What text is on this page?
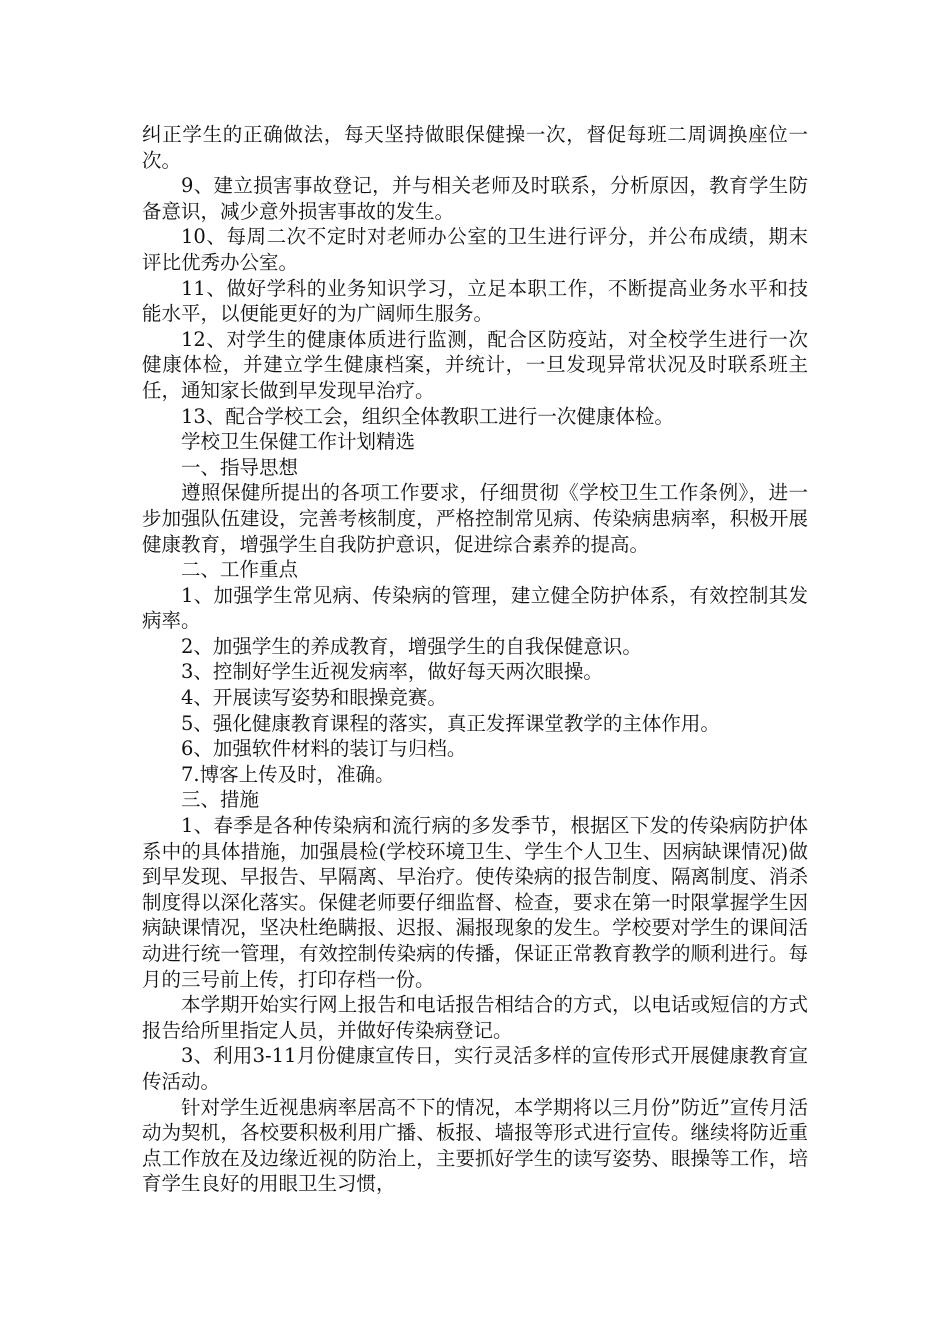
纠正学生的正确做法，每天坚持做眼保健操一次，督促每班二周调换座位一次。

9、建立损害事故登记，并与相关老师及时联系，分析原因，教育学生防备意识，减少意外损害事故的发生。

10、每周二次不定时对老师办公室的卫生进行评分，并公布成绩，期末评比优秀办公室。

11、做好学科的业务知识学习，立足本职工作，不断提高业务水平和技能水平，以便能更好的为广阔师生服务。

12、对学生的健康体质进行监测，配合区防疫站，对全校学生进行一次健康体检，并建立学生健康档案，并统计，一旦发现异常状况及时联系班主任，通知家长做到早发现早治疗。

13、配合学校工会，组织全体教职工进行一次健康体检。

学校卫生保健工作计划精选

一、指导思想

遵照保健所提出的各项工作要求，仔细贯彻《学校卫生工作条例》，进一步加强队伍建设，完善考核制度，严格控制常见病、传染病患病率，积极开展健康教育，增强学生自我防护意识，促进综合素养的提高。

二、工作重点

1、加强学生常见病、传染病的管理，建立健全防护体系，有效控制其发病率。

2、加强学生的养成教育，增强学生的自我保健意识。

3、控制好学生近视发病率，做好每天两次眼操。

4、开展读写姿势和眼操竞赛。

5、强化健康教育课程的落实，真正发挥课堂教学的主体作用。

6、加强软件材料的装订与归档。

7.博客上传及时，准确。

三、措施

1、春季是各种传染病和流行病的多发季节，根据区下发的传染病防护体系中的具体措施，加强晨检(学校环境卫生、学生个人卫生、因病缺课情况)做到早发现、早报告、早隔离、早治疗。使传染病的报告制度、隔离制度、消杀制度得以深化落实。保健老师要仔细监督、检查，要求在第一时限掌握学生因病缺课情况，坚决杜绝瞒报、迟报、漏报现象的发生。学校要对学生的课间活动进行统一管理，有效控制传染病的传播，保证正常教育教学的顺利进行。每月的三号前上传，打印存档一份。

本学期开始实行网上报告和电话报告相结合的方式，以电话或短信的方式报告给所里指定人员，并做好传染病登记。

3、利用3-11月份健康宣传日，实行灵活多样的宣传形式开展健康教育宣传活动。

针对学生近视患病率居高不下的情况，本学期将以三月份”防近”宣传月活动为契机，各校要积极利用广播、板报、墙报等形式进行宣传。继续将防近重点工作放在及边缘近视的防治上，主要抓好学生的读写姿势、眼操等工作，培育学生良好的用眼卫生习惯，
